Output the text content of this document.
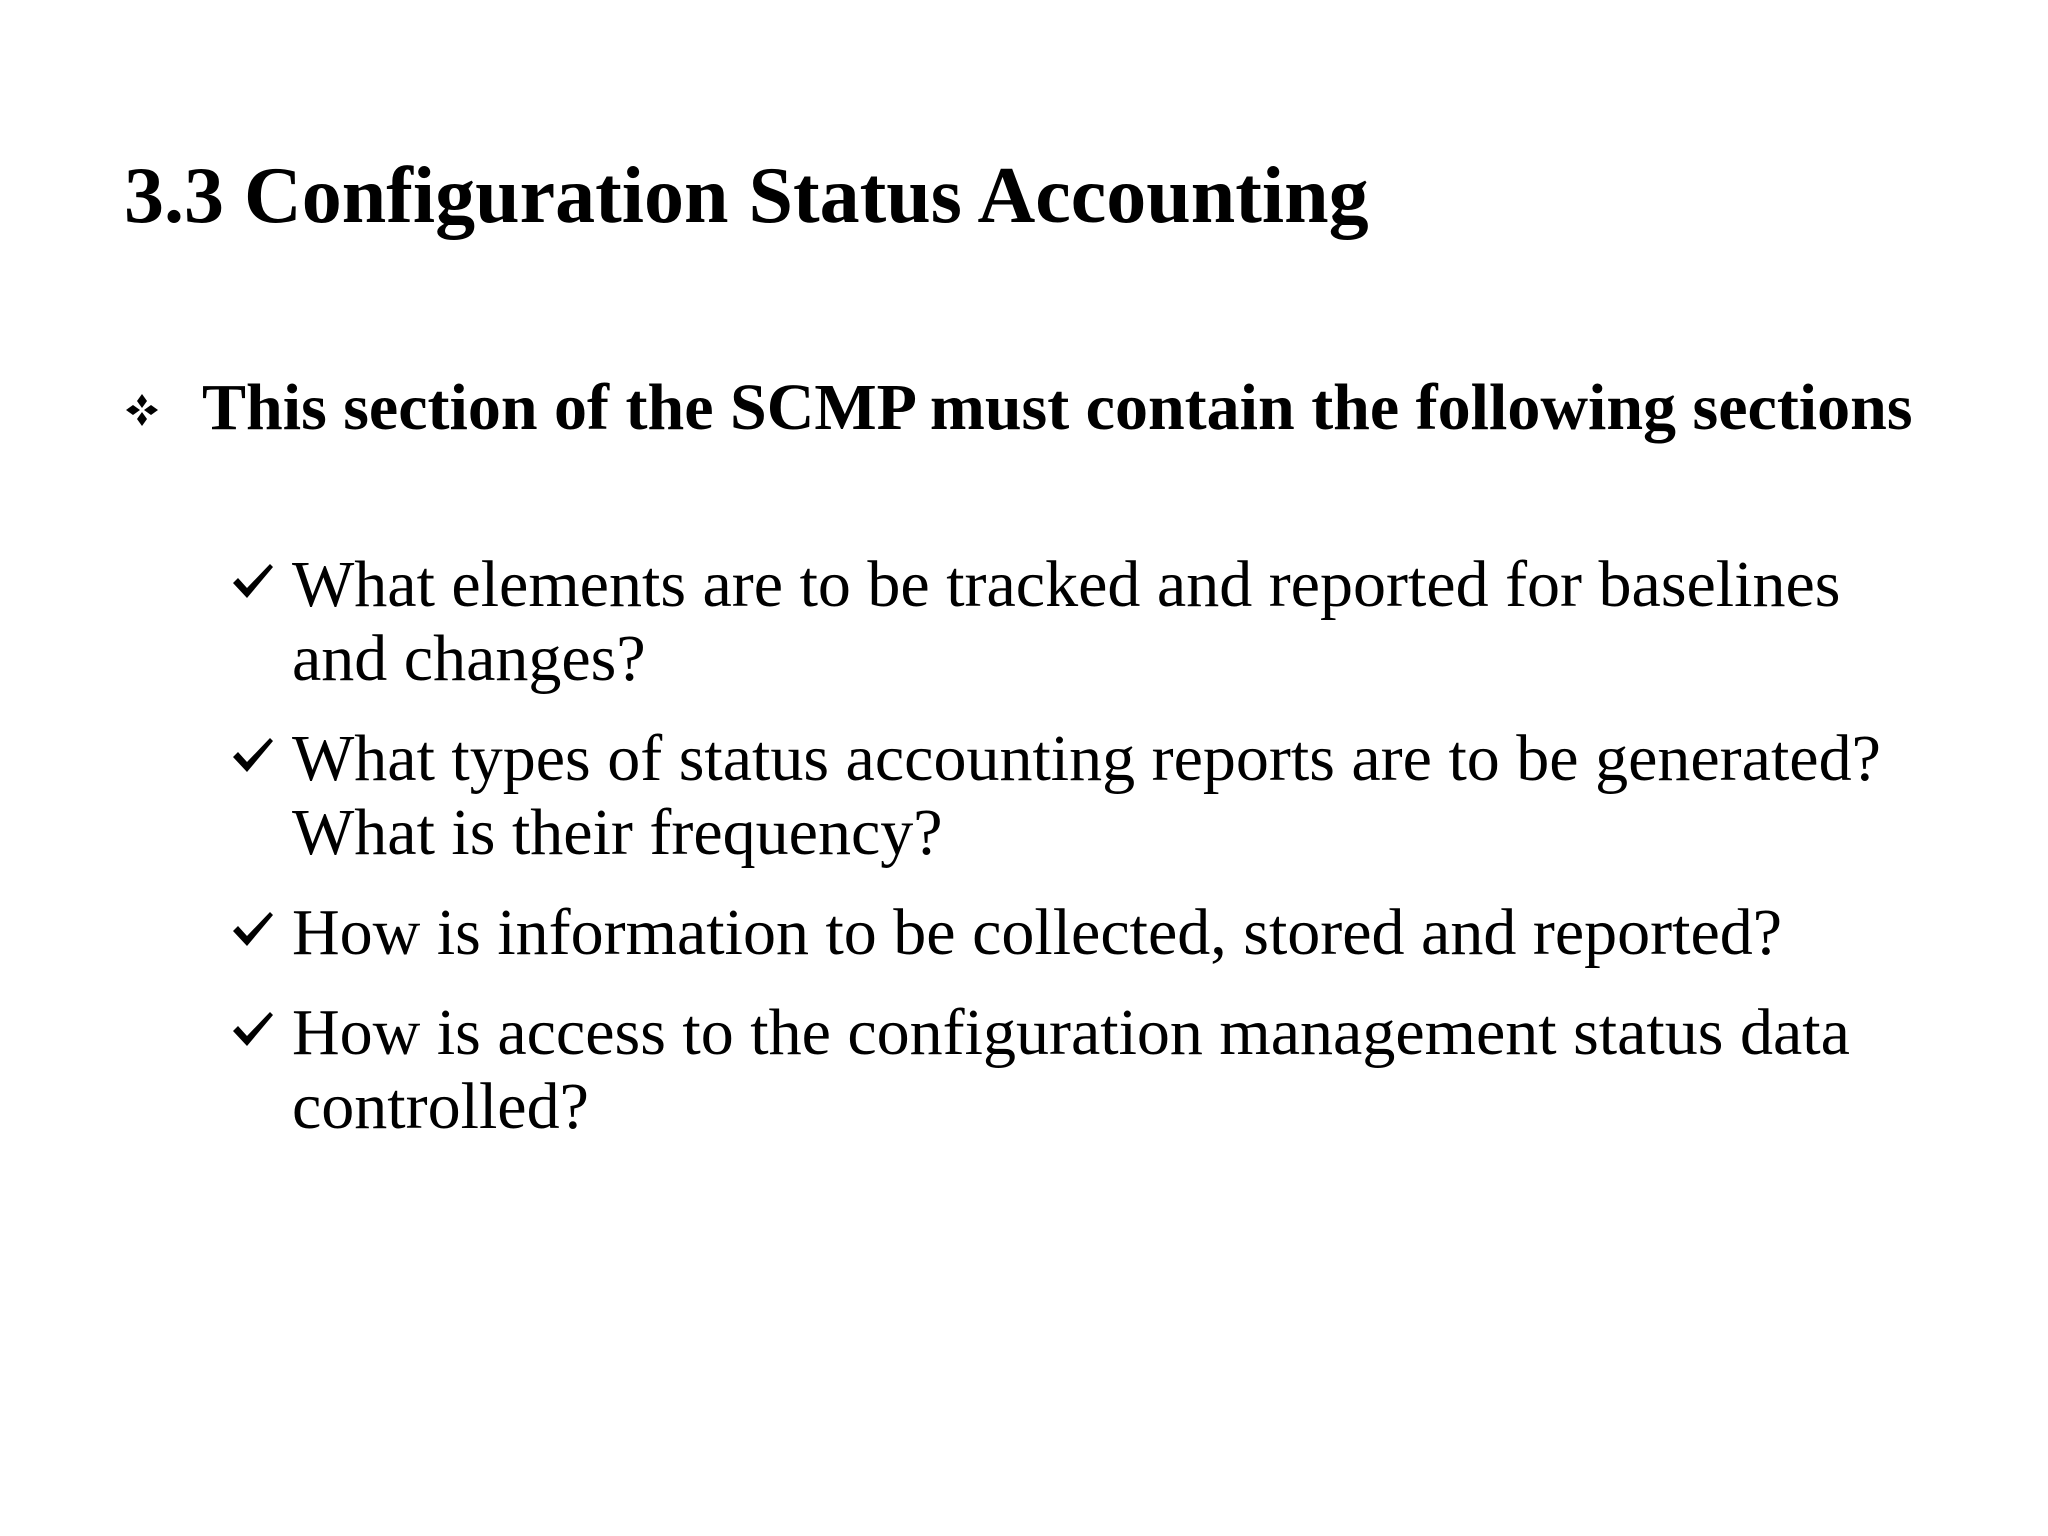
3.3 Configuration Status Accounting
This section of the SCMP must contain the following sections
What elements are to be tracked and reported for baselines and changes?
What types of status accounting reports are to be generated? What is their frequency?
How is information to be collected, stored and reported?
How is access to the configuration management status data controlled?
